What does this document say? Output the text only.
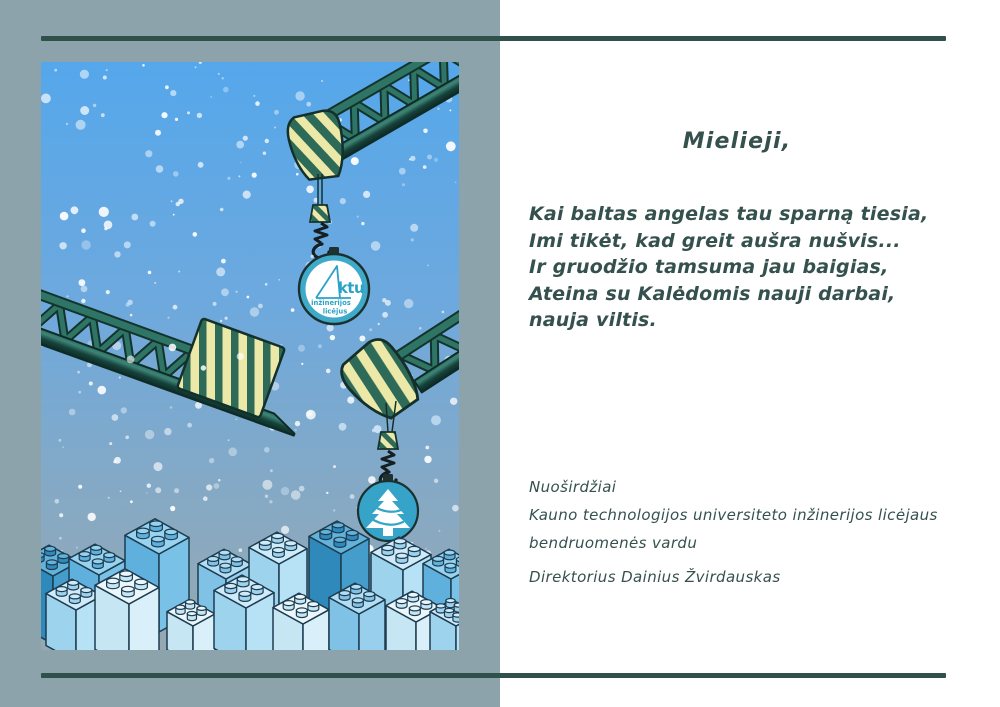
ktu
inžinerijos
licėjus
Mielieji,
Kai baltas angelas tau sparną tiesia,
Imi tikėt, kad greit aušra nušvis...
Ir gruodžio tamsuma jau baigias,
Ateina su Kalėdomis nauji darbai,
nauja viltis.
Nuoširdžiai
Kauno technologijos universiteto inžinerijos licėjaus
bendruomenės vardu
Direktorius Dainius Žvirdauskas
